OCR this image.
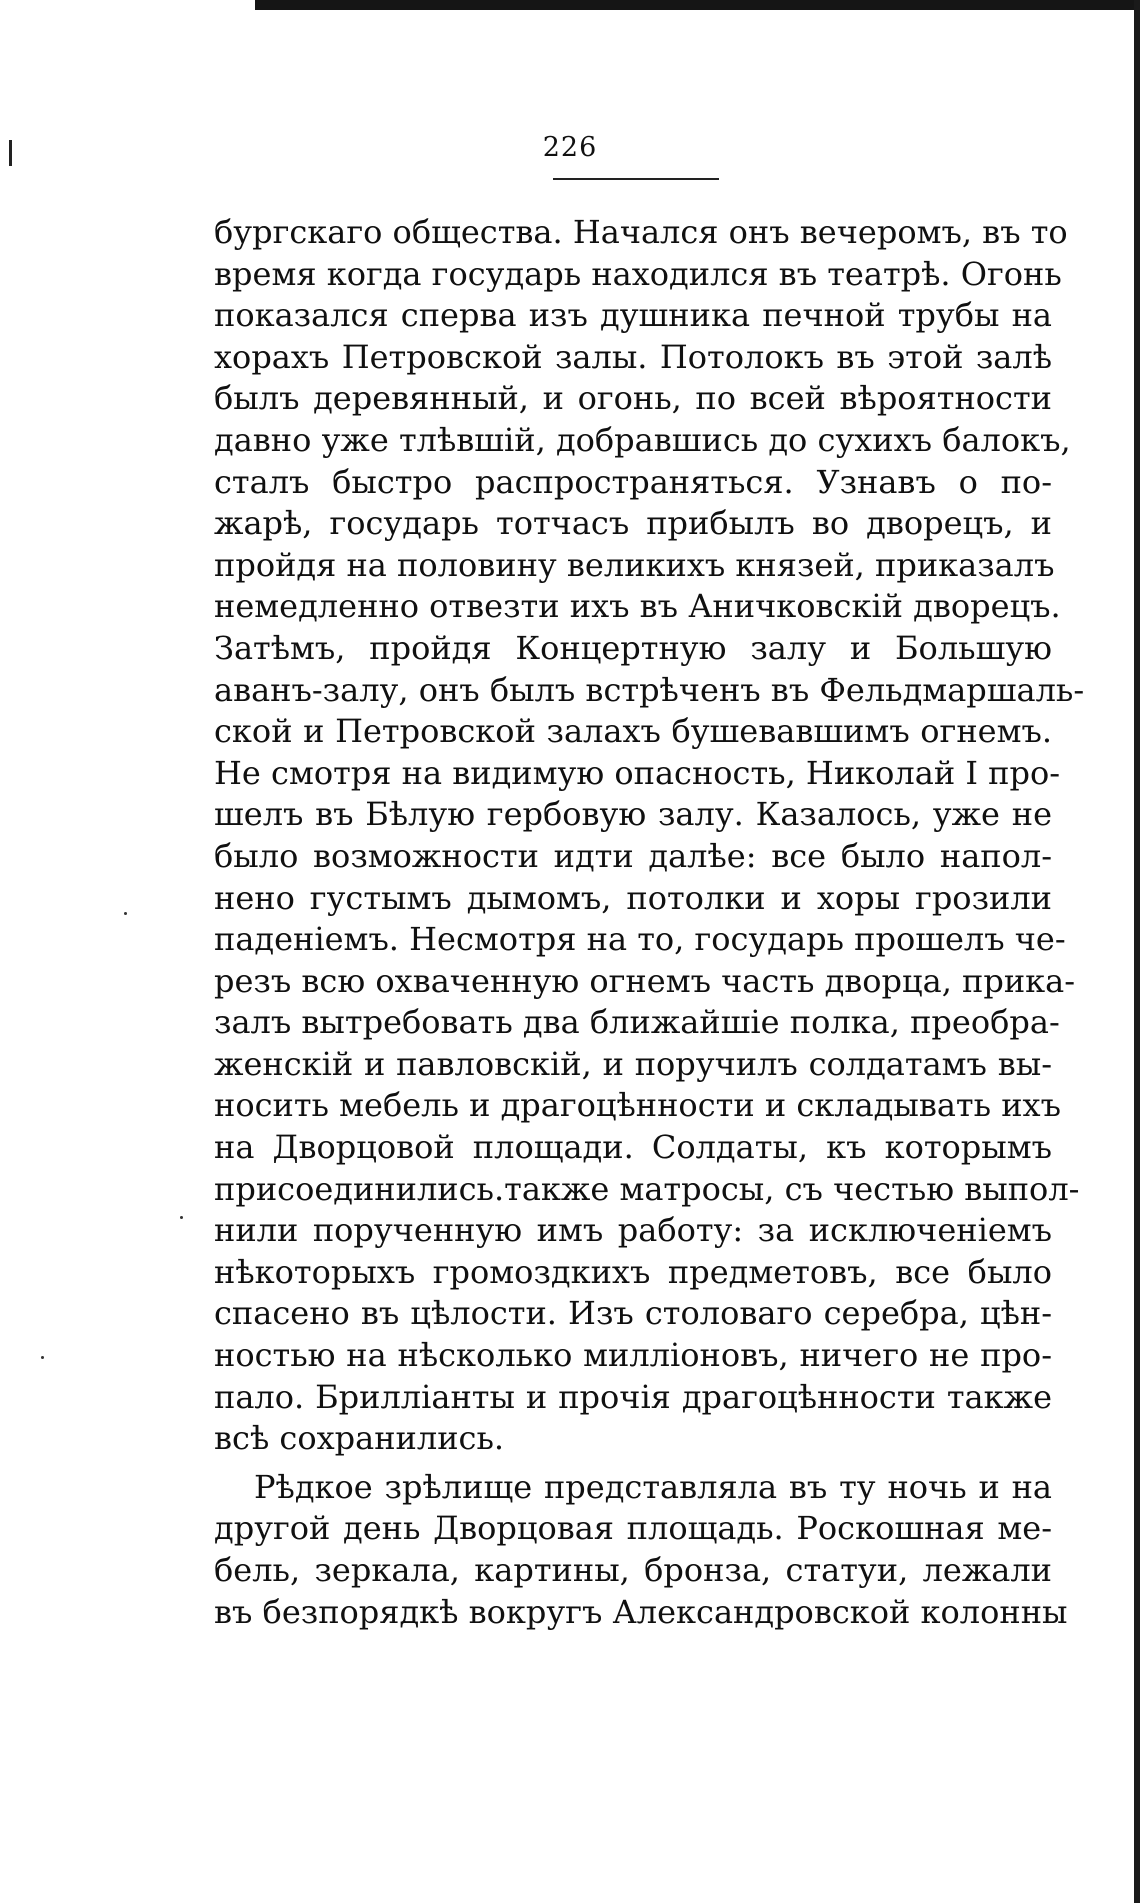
226
бургскаго общества. Начался онъ вечеромъ, въ то
время когда государь находился въ театрѣ. Огонь
показался сперва изъ душника печной трубы на
хорахъ Петровской залы. Потолокъ въ этой залѣ
былъ деревянный, и огонь, по всей вѣроятности
давно уже тлѣвшій, добравшись до сухихъ балокъ,
сталъ быстро распространяться. Узнавъ о по-
жарѣ, государь тотчасъ прибылъ во дворецъ, и
пройдя на половину великихъ князей, приказалъ
немедленно отвезти ихъ въ Аничковскій дворецъ.
Затѣмъ, пройдя Концертную залу и Большую
аванъ-залу, онъ былъ встрѣченъ въ Фельдмаршаль-
ской и Петровской залахъ бушевавшимъ огнемъ.
Не смотря на видимую опасность, Николай I про-
шелъ въ Бѣлую гербовую залу. Казалось, уже не
было возможности идти далѣе: все было напол-
нено густымъ дымомъ, потолки и хоры грозили
паденіемъ. Несмотря на то, государь прошелъ че-
резъ всю охваченную огнемъ часть дворца, прика-
залъ вытребовать два ближайшіе полка, преобра-
женскій и павловскій, и поручилъ солдатамъ вы-
носить мебель и драгоцѣнности и складывать ихъ
на Дворцовой площади. Солдаты, къ которымъ
присоединились.также матросы, съ честью выпол-
нили порученную имъ работу: за исключеніемъ
нѣкоторыхъ громоздкихъ предметовъ, все было
спасено въ цѣлости. Изъ столоваго серебра, цѣн-
ностью на нѣсколько милліоновъ, ничего не про-
пало. Бриллiанты и прочія драгоцѣнности также
всѣ сохранились.
Рѣдкое зрѣлище представляла въ ту ночь и на
другой день Дворцовая площадь. Роскошная ме-
бель, зеркала, картины, бронза, статуи, лежали
въ безпорядкѣ вокругъ Александровской колонны
